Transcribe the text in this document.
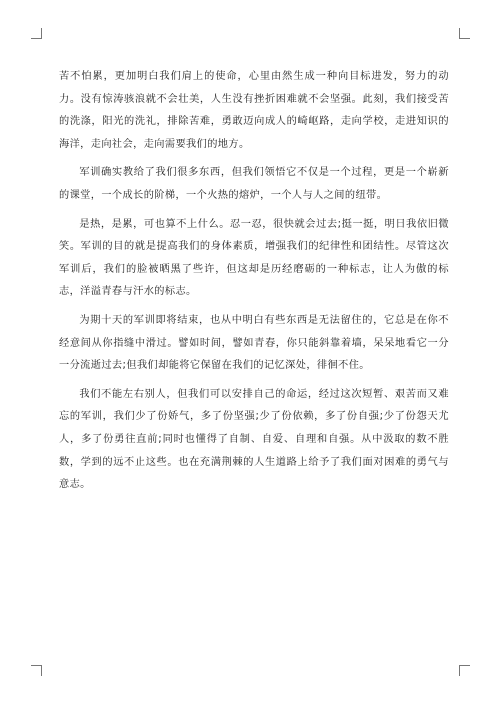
苦不怕累，更加明白我们肩上的使命，心里由然生成一种向目标进发，努力的动力。没有惊涛骇浪就不会壮美，人生没有挫折困难就不会坚强。此刻，我们接受苦的洗涤，阳光的洗礼，排除苦难，勇敢迈向成人的崎岖路，走向学校，走进知识的海洋，走向社会，走向需要我们的地方。

军训确实教给了我们很多东西，但我们领悟它不仅是一个过程，更是一个崭新的课堂，一个成长的阶梯，一个火热的熔炉，一个人与人之间的纽带。

是热，是累，可也算不上什么。忍一忍，很快就会过去;挺一挺，明日我依旧微笑。军训的目的就是提高我们的身体素质，增强我们的纪律性和团结性。尽管这次军训后，我们的脸被晒黑了些许，但这却是历经磨砺的一种标志，让人为傲的标志，洋溢青春与汗水的标志。

为期十天的军训即将结束，也从中明白有些东西是无法留住的，它总是在你不经意间从你指缝中滑过。譬如时间，譬如青春，你只能斜靠着墙，呆呆地看它一分一分流逝过去;但我们却能将它保留在我们的记忆深处，徘徊不住。

我们不能左右别人，但我们可以安排自己的命运，经过这次短暂、艰苦而又难忘的军训，我们少了份娇气，多了份坚强;少了份依赖，多了份自强;少了份怨天尤人，多了份勇往直前;同时也懂得了自制、自爱、自理和自强。从中汲取的数不胜数，学到的远不止这些。也在充满荆棘的人生道路上给予了我们面对困难的勇气与意志。
